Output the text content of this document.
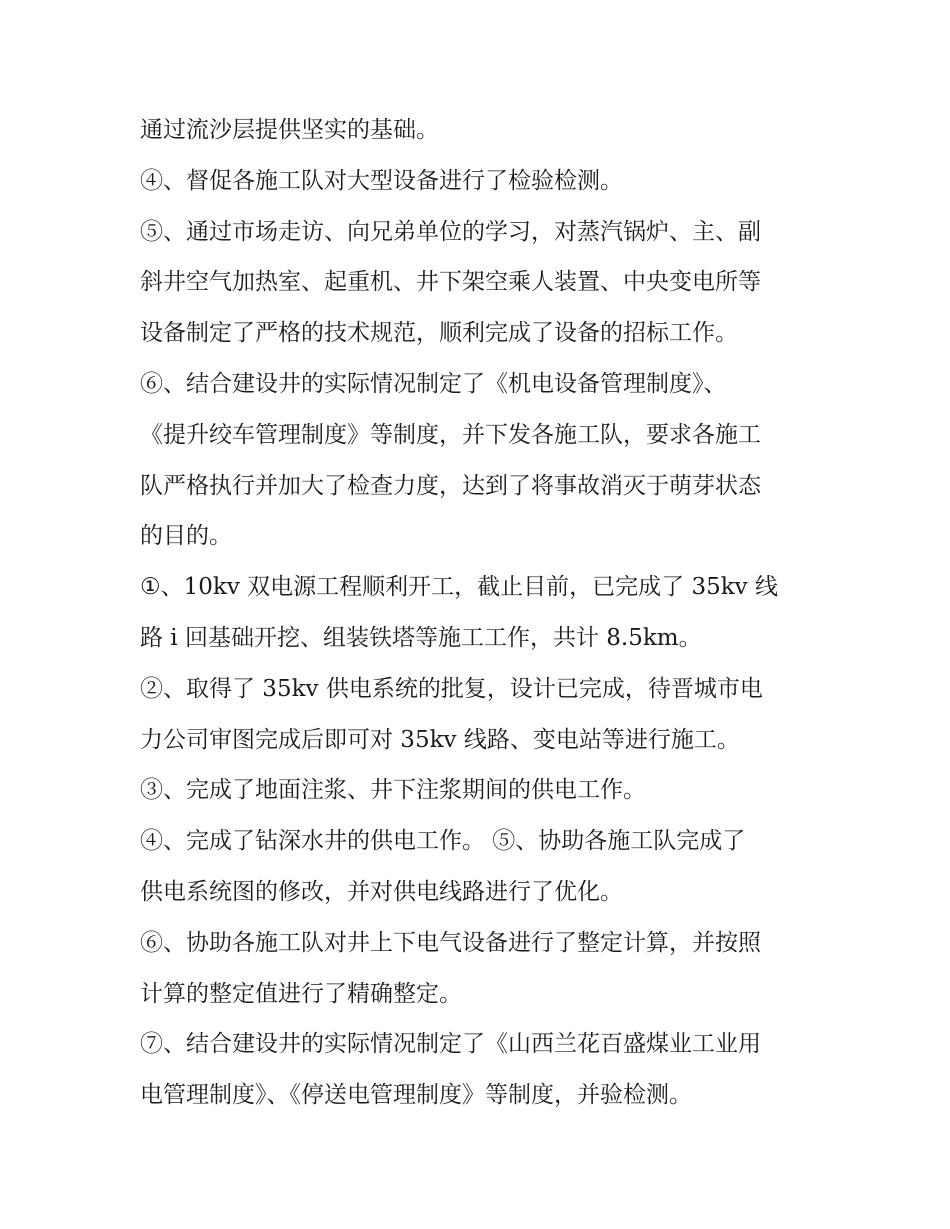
通过流沙层提供坚实的基础。
④、督促各施工队对大型设备进行了检验检测。
⑤、通过市场走访、向兄弟单位的学习，对蒸汽锅炉、主、副
斜井空气加热室、起重机、井下架空乘人装置、中央变电所等
设备制定了严格的技术规范，顺利完成了设备的招标工作。
⑥、结合建设井的实际情况制定了《机电设备管理制度》、
《提升绞车管理制度》等制度，并下发各施工队，要求各施工
队严格执行并加大了检查力度，达到了将事故消灭于萌芽状态
的目的。
①、10kv 双电源工程顺利开工，截止目前，已完成了 35kv 线
路 i 回基础开挖、组装铁塔等施工工作，共计 8.5km。
②、取得了 35kv 供电系统的批复，设计已完成，待晋城市电
力公司审图完成后即可对 35kv 线路、变电站等进行施工。
③、完成了地面注浆、井下注浆期间的供电工作。
④、完成了钻深水井的供电工作。 ⑤、协助各施工队完成了
供电系统图的修改，并对供电线路进行了优化。
⑥、协助各施工队对井上下电气设备进行了整定计算，并按照
计算的整定值进行了精确整定。
⑦、结合建设井的实际情况制定了《山西兰花百盛煤业工业用
电管理制度》、《停送电管理制度》等制度，并验检测。
